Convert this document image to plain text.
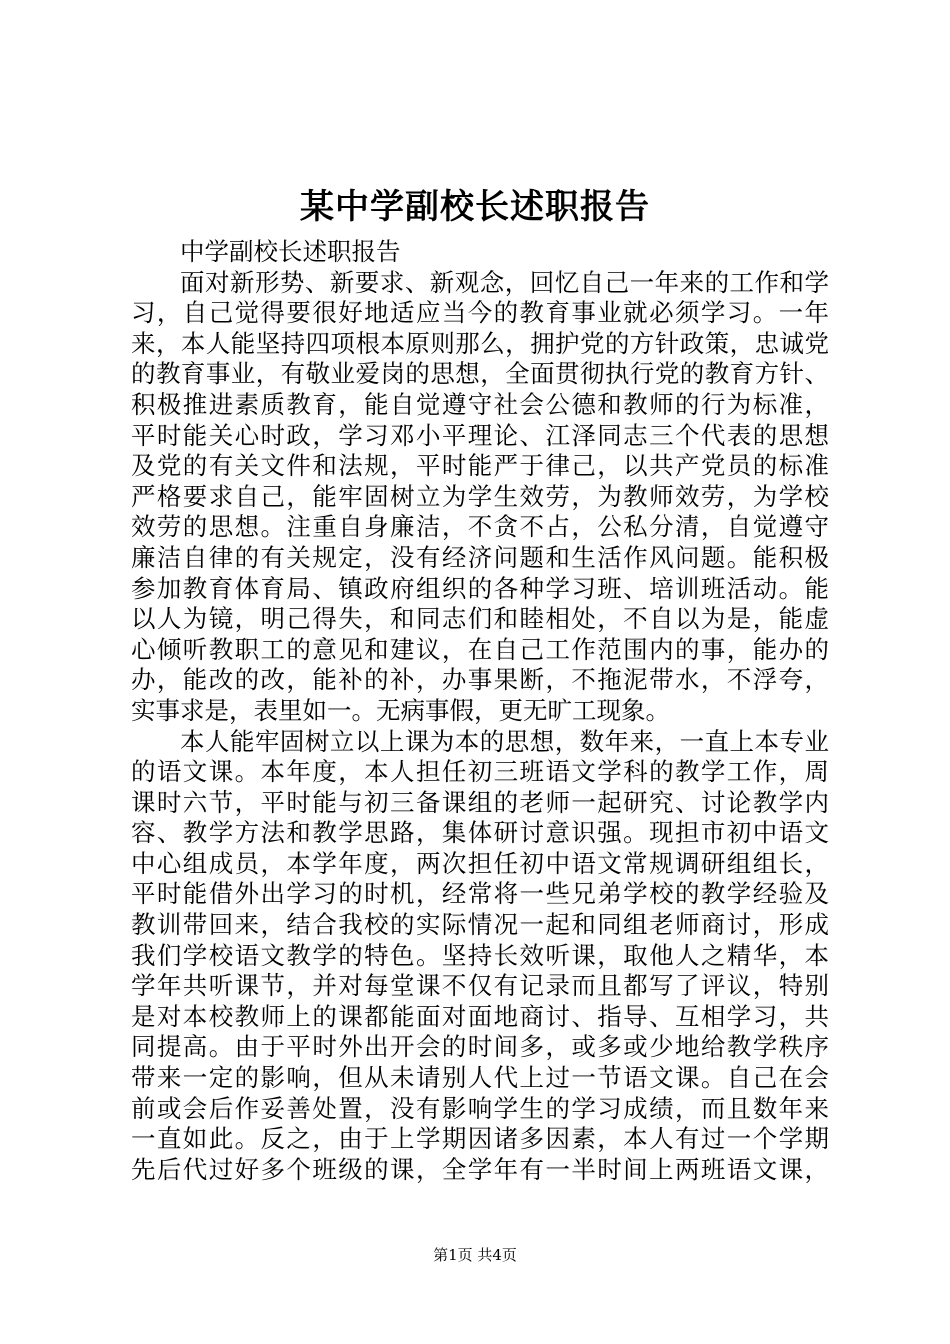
某中学副校长述职报告
中学副校长述职报告
面对新形势、新要求、新观念，回忆自己一年来的工作和学
习，自己觉得要很好地适应当今的教育事业就必须学习。一年
来，本人能坚持四项根本原则那么，拥护党的方针政策，忠诚党
的教育事业，有敬业爱岗的思想，全面贯彻执行党的教育方针、
积极推进素质教育，能自觉遵守社会公德和教师的行为标准，
平时能关心时政，学习邓小平理论、江泽同志三个代表的思想
及党的有关文件和法规，平时能严于律己，以共产党员的标准
严格要求自己，能牢固树立为学生效劳，为教师效劳，为学校
效劳的思想。注重自身廉洁，不贪不占，公私分清，自觉遵守
廉洁自律的有关规定，没有经济问题和生活作风问题。能积极
参加教育体育局、镇政府组织的各种学习班、培训班活动。能
以人为镜，明己得失，和同志们和睦相处，不自以为是，能虚
心倾听教职工的意见和建议，在自己工作范围内的事，能办的
办，能改的改，能补的补，办事果断，不拖泥带水，不浮夸，
实事求是，表里如一。无病事假，更无旷工现象。
本人能牢固树立以上课为本的思想，数年来，一直上本专业
的语文课。本年度，本人担任初三班语文学科的教学工作，周
课时六节，平时能与初三备课组的老师一起研究、讨论教学内
容、教学方法和教学思路，集体研讨意识强。现担市初中语文
中心组成员，本学年度，两次担任初中语文常规调研组组长，
平时能借外出学习的时机，经常将一些兄弟学校的教学经验及
教训带回来，结合我校的实际情况一起和同组老师商讨，形成
我们学校语文教学的特色。坚持长效听课，取他人之精华，本
学年共听课节，并对每堂课不仅有记录而且都写了评议，特别
是对本校教师上的课都能面对面地商讨、指导、互相学习，共
同提高。由于平时外出开会的时间多，或多或少地给教学秩序
带来一定的影响，但从未请别人代上过一节语文课。自己在会
前或会后作妥善处置，没有影响学生的学习成绩，而且数年来
一直如此。反之，由于上学期因诸多因素，本人有过一个学期
先后代过好多个班级的课，全学年有一半时间上两班语文课，
第1页 共4页
